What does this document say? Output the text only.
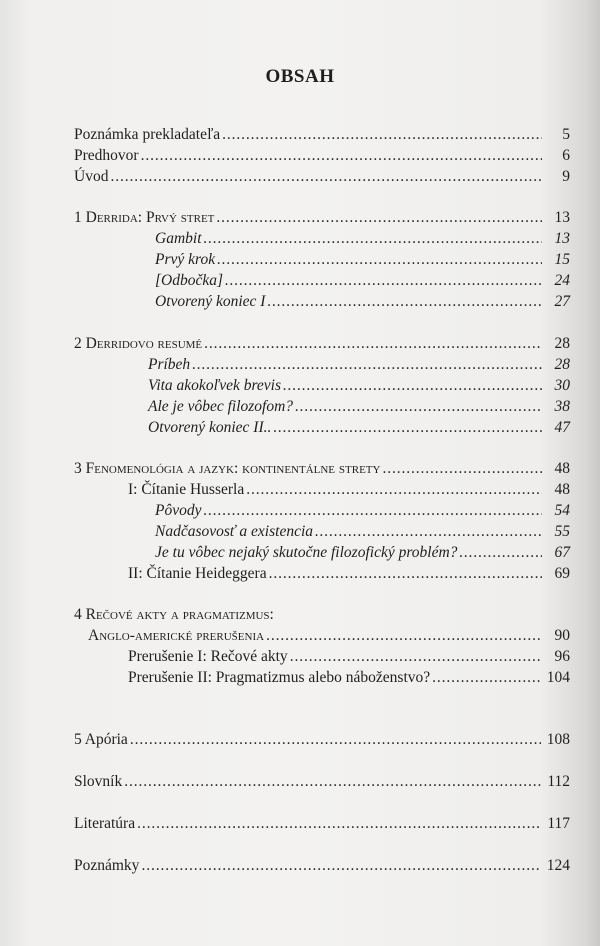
OBSAH
Poznámka prekladateľa . . .	5
Predhovor . . .	6
Úvod . . .	9
1 Derrida: Prvý stret . . .	13
Gambit . . .	13
Prvý krok . . .	15
[Odbočka] . . .	24
Otvorený koniec I . . .	27
2 Derridovo resumé . . .	28
Príbeh . . .	28
Vita akokoľvek brevis . . .	30
Ale je vôbec filozofom? . . .	38
Otvorený koniec II.. . . .	47
3 Fenomenológia a jazyk: kontinentálne strety . . .	48
I: Čítanie Husserla . . .	48
Pôvody . . .	54
Nadčasovosť a existencia . . .	55
Je tu vôbec nejaký skutočne filozofický problém? . . .	67
II: Čítanie Heideggera . . .	69
4 Rečové akty a pragmatizmus:
Anglo-americké prerušenia . . .	90
Prerušenie I: Rečové akty . . .	96
Prerušenie II: Pragmatizmus alebo náboženstvo? . . .	104
5 Apória . . .	108
Slovník . . .	112
Literatúra . . .	117
Poznámky . . .	124
